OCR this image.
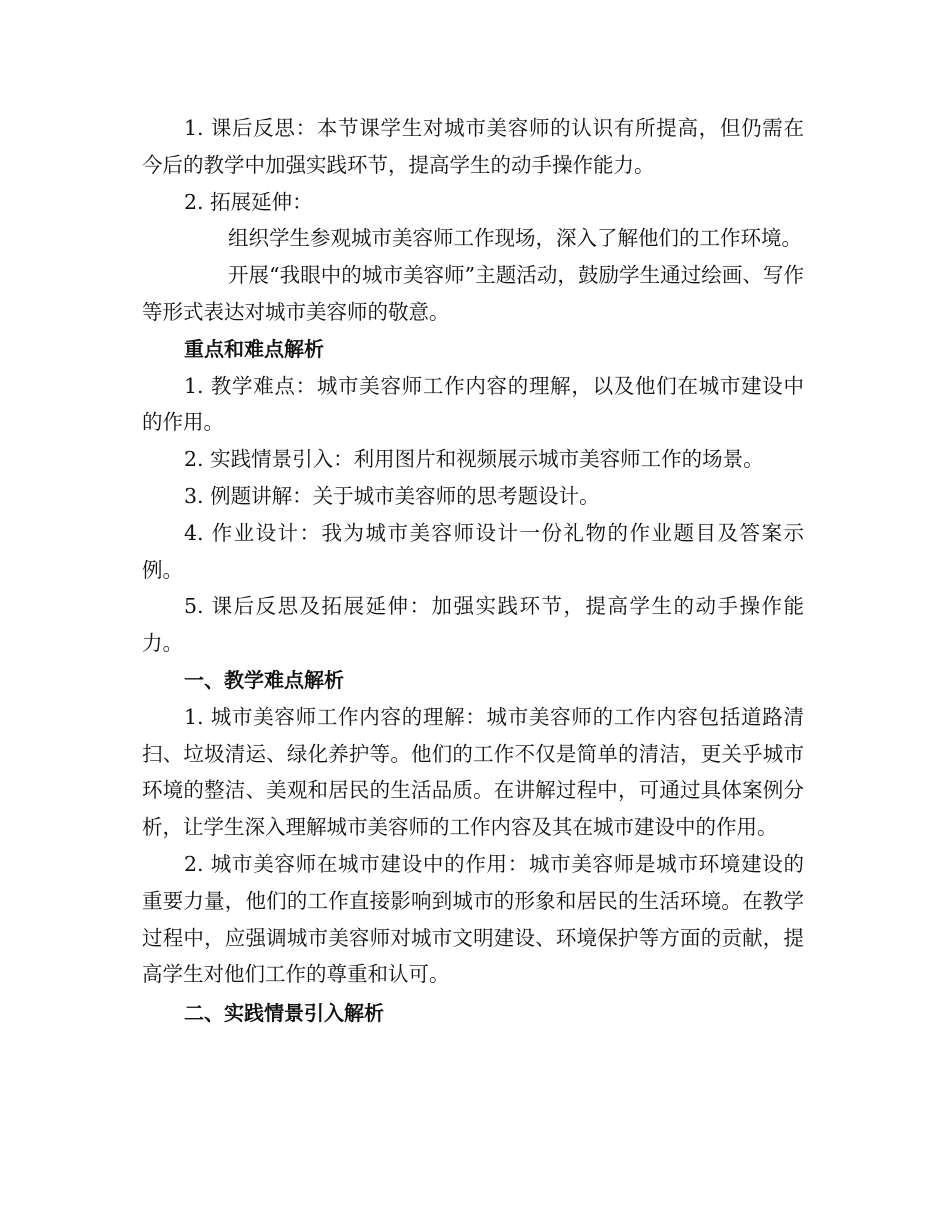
1. 课后反思：本节课学生对城市美容师的认识有所提高，但仍需在今后的教学中加强实践环节，提高学生的动手操作能力。

2. 拓展延伸：

组织学生参观城市美容师工作现场，深入了解他们的工作环境。

开展“我眼中的城市美容师”主题活动，鼓励学生通过绘画、写作等形式表达对城市美容师的敬意。

重点和难点解析

1. 教学难点：城市美容师工作内容的理解，以及他们在城市建设中的作用。

2. 实践情景引入：利用图片和视频展示城市美容师工作的场景。

3. 例题讲解：关于城市美容师的思考题设计。

4. 作业设计：我为城市美容师设计一份礼物的作业题目及答案示例。

5. 课后反思及拓展延伸：加强实践环节，提高学生的动手操作能力。

一、教学难点解析

1. 城市美容师工作内容的理解：城市美容师的工作内容包括道路清扫、垃圾清运、绿化养护等。他们的工作不仅是简单的清洁，更关乎城市环境的整洁、美观和居民的生活品质。在讲解过程中，可通过具体案例分析，让学生深入理解城市美容师的工作内容及其在城市建设中的作用。

2. 城市美容师在城市建设中的作用：城市美容师是城市环境建设的重要力量，他们的工作直接影响到城市的形象和居民的生活环境。在教学过程中，应强调城市美容师对城市文明建设、环境保护等方面的贡献，提高学生对他们工作的尊重和认可。

二、实践情景引入解析
